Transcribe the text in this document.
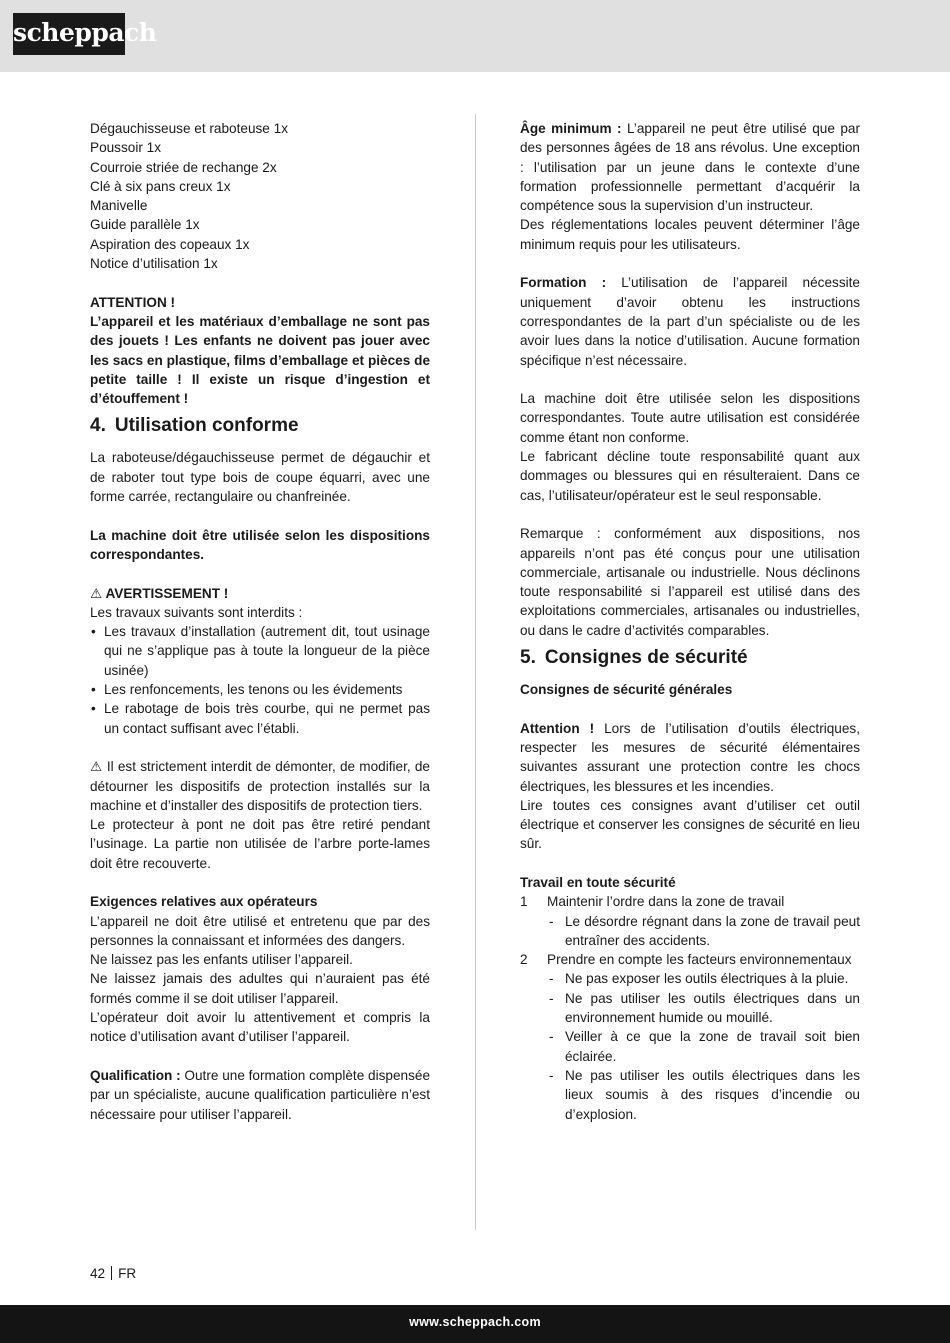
scheppach

Dégauchisseuse et raboteuse 1x

Poussoir 1x

Courroie striée de rechange 2x

Clé à six pans creux 1x

Manivelle

Guide parallèle 1x

Aspiration des copeaux 1x

Notice d’utilisation 1x

ATTENTION !

L’appareil et les matériaux d’emballage ne sont pas des jouets ! Les enfants ne doivent pas jouer avec les sacs en plastique, films d’emballage et pièces de petite taille ! Il existe un risque d’ingestion et d’étouffement !

4. Utilisation conforme

La raboteuse/dégauchisseuse permet de dégauchir et de raboter tout type bois de coupe équarri, avec une forme carrée, rectangulaire ou chanfreinée.

La machine doit être utilisée selon les dispositions correspondantes.

⚠ AVERTISSEMENT !

Les travaux suivants sont interdits :

• Les travaux d’installation (autrement dit, tout usinage qui ne s’applique pas à toute la longueur de la pièce usinée)
• Les renfoncements, les tenons ou les évidements
• Le rabotage de bois très courbe, qui ne permet pas un contact suffisant avec l’établi.

⚠ Il est strictement interdit de démonter, de modifier, de détourner les dispositifs de protection installés sur la machine et d’installer des dispositifs de protection tiers.

Le protecteur à pont ne doit pas être retiré pendant l’usinage. La partie non utilisée de l’arbre porte-lames doit être recouverte.

Exigences relatives aux opérateurs

L’appareil ne doit être utilisé et entretenu que par des personnes la connaissant et informées des dangers.

Ne laissez pas les enfants utiliser l’appareil.

Ne laissez jamais des adultes qui n’auraient pas été formés comme il se doit utiliser l’appareil.

L’opérateur doit avoir lu attentivement et compris la notice d’utilisation avant d’utiliser l’appareil.

Qualification : Outre une formation complète dispensée par un spécialiste, aucune qualification particulière n’est nécessaire pour utiliser l’appareil.

Âge minimum : L’appareil ne peut être utilisé que par des personnes âgées de 18 ans révolus. Une exception : l’utilisation par un jeune dans le contexte d’une formation professionnelle permettant d’acquérir la compétence sous la supervision d’un instructeur.

Des réglementations locales peuvent déterminer l’âge minimum requis pour les utilisateurs.

Formation : L’utilisation de l’appareil nécessite uniquement d’avoir obtenu les instructions correspondantes de la part d’un spécialiste ou de les avoir lues dans la notice d’utilisation. Aucune formation spécifique n’est nécessaire.

La machine doit être utilisée selon les dispositions correspondantes. Toute autre utilisation est considérée comme étant non conforme.

Le fabricant décline toute responsabilité quant aux dommages ou blessures qui en résulteraient. Dans ce cas, l’utilisateur/opérateur est le seul responsable.

Remarque : conformément aux dispositions, nos appareils n’ont pas été conçus pour une utilisation commerciale, artisanale ou industrielle. Nous déclinons toute responsabilité si l’appareil est utilisé dans des exploitations commerciales, artisanales ou industrielles, ou dans le cadre d’activités comparables.

5. Consignes de sécurité

Consignes de sécurité générales

Attention ! Lors de l’utilisation d’outils électriques, respecter les mesures de sécurité élémentaires suivantes assurant une protection contre les chocs électriques, les blessures et les incendies.

Lire toutes ces consignes avant d’utiliser cet outil électrique et conserver les consignes de sécurité en lieu sûr.

Travail en toute sécurité

1 Maintenir l’ordre dans la zone de travail
- Le désordre régnant dans la zone de travail peut entraîner des accidents.
2 Prendre en compte les facteurs environnementaux
- Ne pas exposer les outils électriques à la pluie.
- Ne pas utiliser les outils électriques dans un environnement humide ou mouillé.
- Veiller à ce que la zone de travail soit bien éclairée.
- Ne pas utiliser les outils électriques dans les lieux soumis à des risques d’incendie ou d’explosion.
42 FR
www.scheppach.com
